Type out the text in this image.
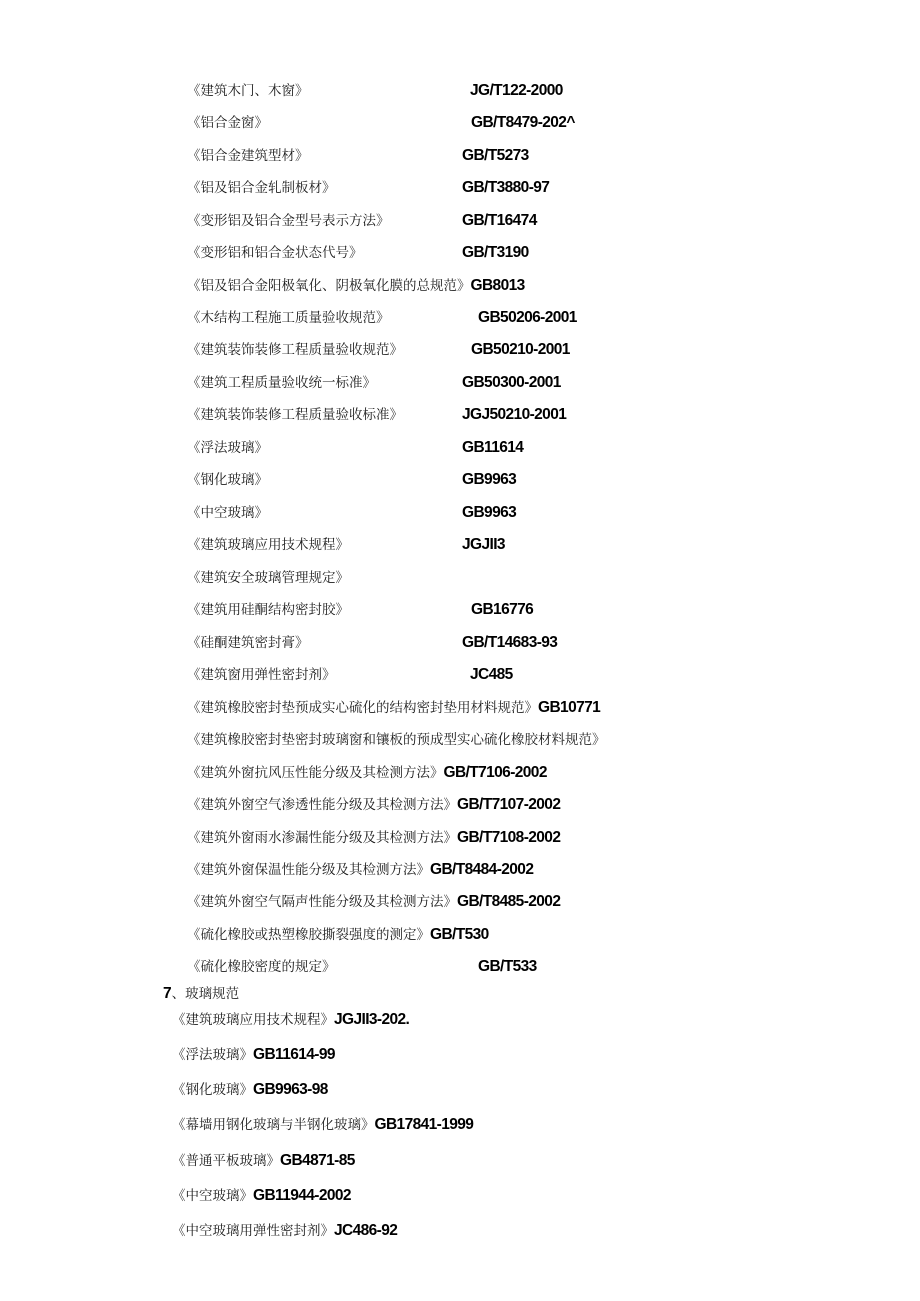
《建筑木门、木窗》	JG/T122-2000
《铝合金窗》	GB/T8479-202^
《铝合金建筑型材》	GB/T5273
《铝及铝合金轧制板材》	GB/T3880-97
《变形铝及铝合金型号表示方法》	GB/T16474
《变形铝和铝合金状态代号》	GB/T3190
《铝及铝合金阳极氧化、阴极氧化膜的总规范》GB8013
《木结构工程施工质量验收规范》	GB50206-2001
《建筑装饰装修工程质量验收规范》	GB50210-2001
《建筑工程质量验收统一标准》	GB50300-2001
《建筑装饰装修工程质量验收标准》	JGJ50210-2001
《浮法玻璃》	GB11614
《钢化玻璃》	GB9963
《中空玻璃》	GB9963
《建筑玻璃应用技术规程》	JGJII3
《建筑安全玻璃管理规定》
《建筑用硅酮结构密封胶》	GB16776
《硅酮建筑密封膏》	GB/T14683-93
《建筑窗用弹性密封剂》	JC485
《建筑橡胶密封垫预成实心硫化的结构密封垫用材料规范》GB10771
《建筑橡胶密封垫密封玻璃窗和镶板的预成型实心硫化橡胶材料规范》
《建筑外窗抗风压性能分级及其检测方法》GB/T7106-2002
《建筑外窗空气渗透性能分级及其检测方法》GB/T7107-2002
《建筑外窗雨水渗漏性能分级及其检测方法》GB/T7108-2002
《建筑外窗保温性能分级及其检测方法》GB/T8484-2002
《建筑外窗空气隔声性能分级及其检测方法》GB/T8485-2002
《硫化橡胶或热塑橡胶撕裂强度的测定》GB/T530
《硫化橡胶密度的规定》	GB/T533
7、玻璃规范
《建筑玻璃应用技术规程》JGJII3-202.
《浮法玻璃》GB11614-99
《钢化玻璃》GB9963-98
《幕墙用钢化玻璃与半钢化玻璃》GB17841-1999
《普通平板玻璃》GB4871-85
《中空玻璃》GB11944-2002
《中空玻璃用弹性密封剂》JC486-92
